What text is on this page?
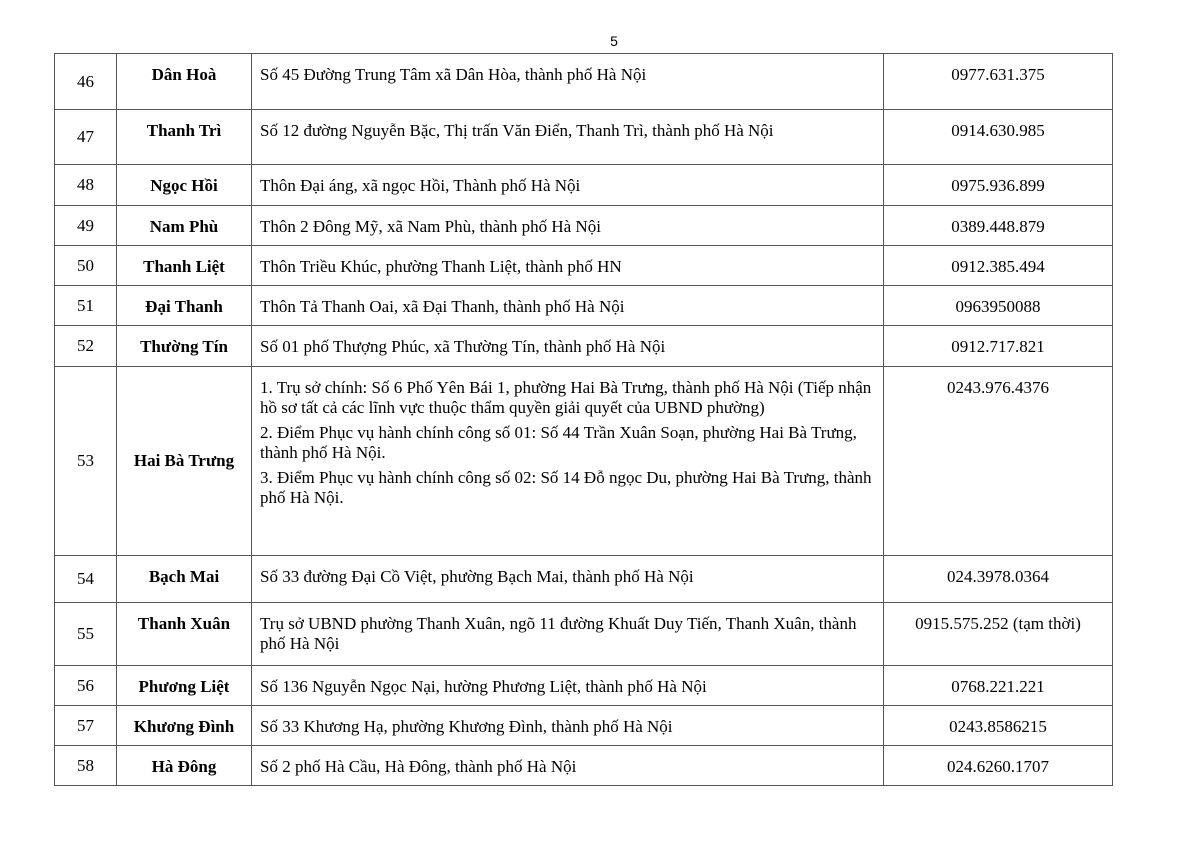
5
46	Dân Hoà	Số 45 Đường Trung Tâm xã Dân Hòa, thành phố Hà Nội	0977.631.375
47	Thanh Trì	Số 12 đường Nguyễn Bặc, Thị trấn Văn Điển, Thanh Trì, thành phố Hà Nội	0914.630.985
48	Ngọc Hồi	Thôn Đại áng, xã ngọc Hồi, Thành phố Hà Nội	0975.936.899
49	Nam Phù	Thôn 2 Đông Mỹ, xã Nam Phù, thành phố Hà Nội	0389.448.879
50	Thanh Liệt	Thôn Triều Khúc, phường Thanh Liệt, thành phố HN	0912.385.494
51	Đại Thanh	Thôn Tả Thanh Oai, xã Đại Thanh, thành phố Hà Nội	0963950088
52	Thường Tín	Số 01 phố Thượng Phúc, xã Thường Tín, thành phố Hà Nội	0912.717.821
53	Hai Bà Trưng	1. Trụ sở chính: Số 6 Phố Yên Bái 1, phường Hai Bà Trưng, thành phố Hà Nội (Tiếp nhận hồ sơ tất cả các lĩnh vực thuộc thẩm quyền giải quyết của UBND phường)
2. Điểm Phục vụ hành chính công số 01: Số 44 Trần Xuân Soạn, phường Hai Bà Trưng, thành phố Hà Nội.
3. Điểm Phục vụ hành chính công số 02: Số 14 Đỗ ngọc Du, phường Hai Bà Trưng, thành phố Hà Nội.	0243.976.4376
54	Bạch Mai	Số 33 đường Đại Cồ Việt, phường Bạch Mai, thành phố Hà Nội	024.3978.0364
55	Thanh Xuân	Trụ sở UBND phường Thanh Xuân, ngõ 11 đường Khuất Duy Tiến, Thanh Xuân, thành phố Hà Nội	0915.575.252 (tạm thời)
56	Phương Liệt	Số 136 Nguyễn Ngọc Nại, hường Phương Liệt, thành phố Hà Nội	0768.221.221
57	Khương Đình	Số 33 Khương Hạ, phường Khương Đình, thành phố Hà Nội	0243.8586215
58	Hà Đông	Số 2 phố Hà Cầu, Hà Đông, thành phố Hà Nội	024.6260.1707
